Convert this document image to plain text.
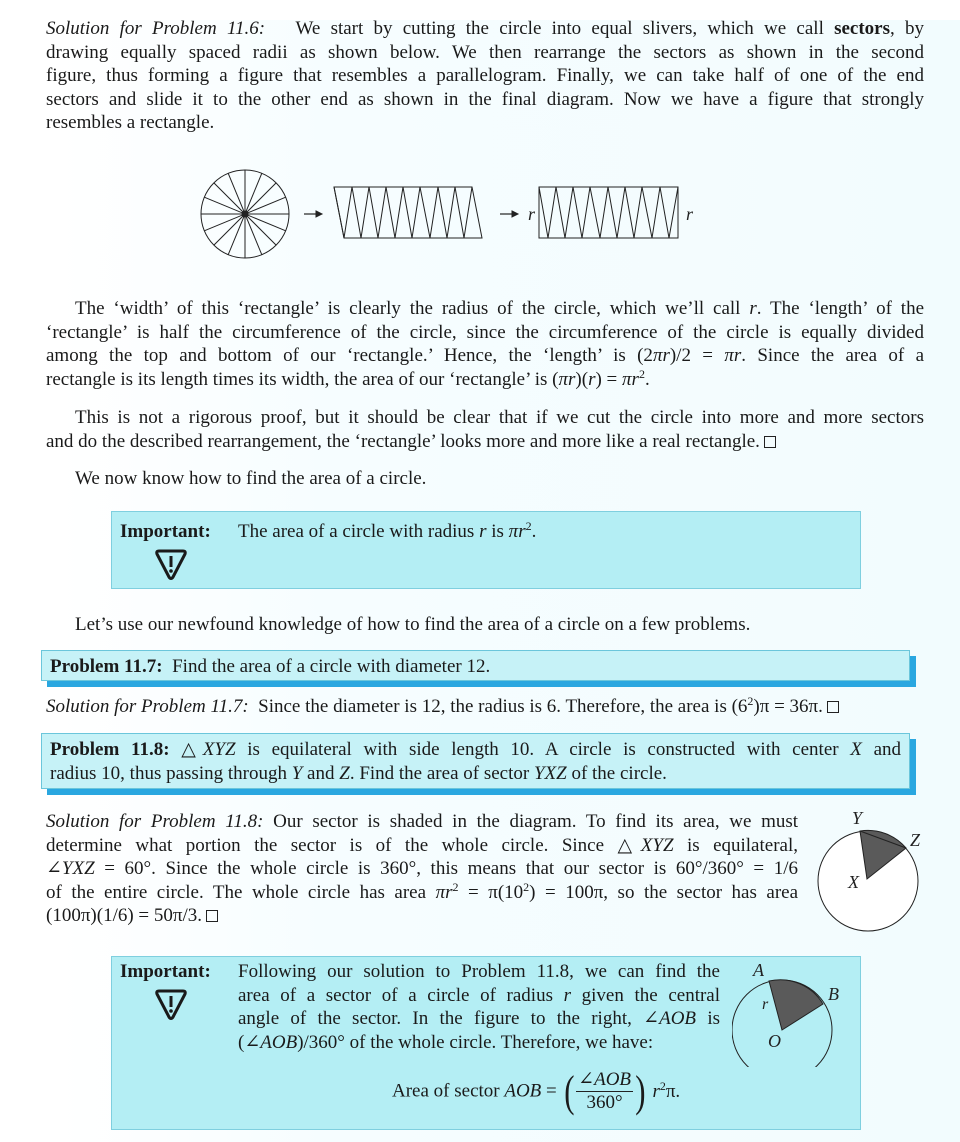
Solution for Problem 11.6: We start by cutting the circle into equal slivers, which we call sectors, by
drawing equally spaced radii as shown below. We then rearrange the sectors as shown in the second
figure, thus forming a figure that resembles a parallelogram. Finally, we can take half of one of the end
sectors and slide it to the other end as shown in the final diagram. Now we have a figure that strongly
resembles a rectangle.
r	r
The ‘width’ of this ‘rectangle’ is clearly the radius of the circle, which we’ll call r. The ‘length’ of the
‘rectangle’ is half the circumference of the circle, since the circumference of the circle is equally divided
among the top and bottom of our ‘rectangle.’ Hence, the ‘length’ is (2πr)/2 = πr. Since the area of a
rectangle is its length times its width, the area of our ‘rectangle’ is $(\pi r)(r) = \pi r^2$.
This is not a rigorous proof, but it should be clear that if we cut the circle into more and more sectors
and do the described rearrangement, the ‘rectangle’ looks more and more like a real rectangle.
We now know how to find the area of a circle.
Important: The area of a circle with radius r is $\pi r^2$.
Let’s use our newfound knowledge of how to find the area of a circle on a few problems.
Problem 11.7: Find the area of a circle with diameter 12.
Solution for Problem 11.7: Since the diameter is 12, the radius is 6. Therefore, the area is $(6^2)\pi = 36\pi$.
Problem 11.8: △XYZ is equilateral with side length 10. A circle is constructed with center X and
radius 10, thus passing through Y and Z. Find the area of sector YXZ of the circle.
Solution for Problem 11.8: Our sector is shaded in the diagram. To find its area, we must
determine what portion the sector is of the whole circle. Since △XYZ is equilateral,
∠YXZ = 60°. Since the whole circle is 360°, this means that our sector is 60°/360° = 1/6
of the entire circle. The whole circle has area $\pi r^2 = \pi(10^2) = 100\pi$, so the sector has area
(100π)(1/6) = 50π/3.
Y
Z
X
Important: Following our solution to Problem 11.8, we can find the
area of a sector of a circle of radius r given the central
angle of the sector. In the figure to the right, ∠AOB is
(∠AOB)/360° of the whole circle. Therefore, we have:
Area of sector AOB = ( $\frac{\text{∠AOB}}{360^\circ}$ ) $r^2\pi$.
A
B
r
O
